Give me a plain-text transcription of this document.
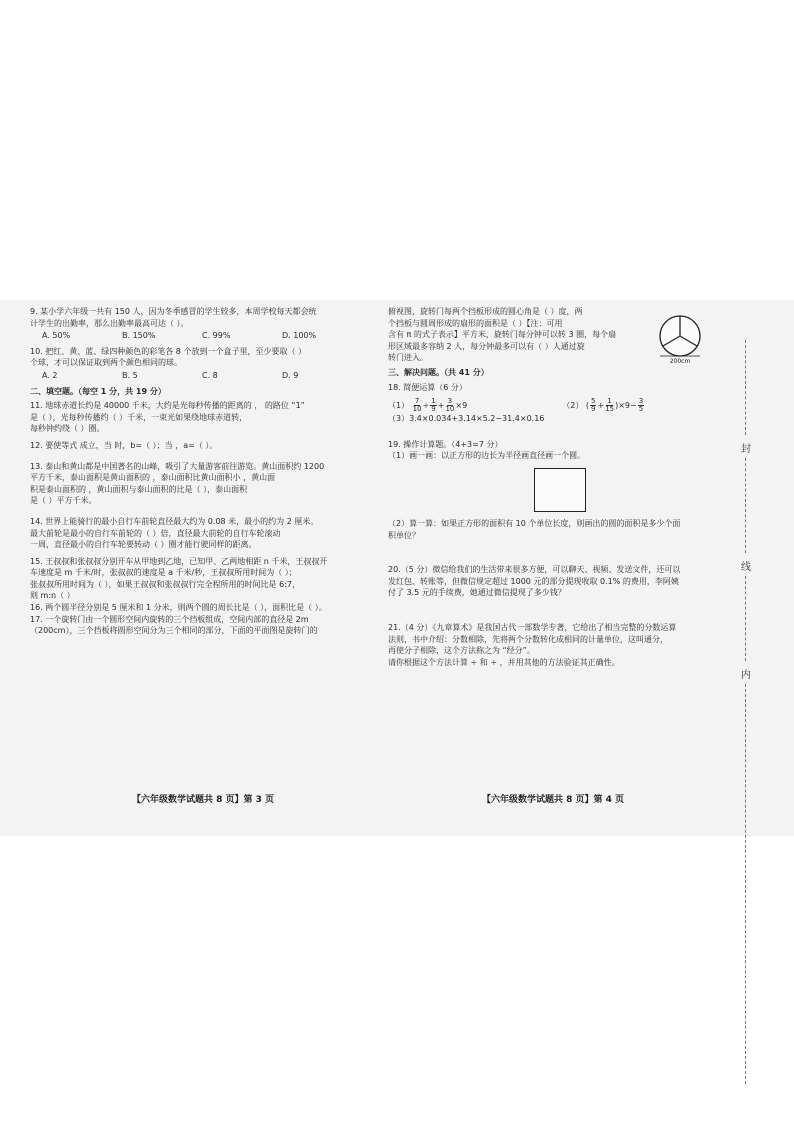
9. 某小学六年级一共有 150 人，因为冬季感冒的学生较多，本周学校每天都会统

计学生的出勤率，那么出勤率最高可达（ ）。

A. 50%	B. 150%	C. 99%	D. 100%

10. 把红、黄、蓝、绿四种颜色的彩笔各 8 个放到一个盒子里，至少要取（ ）

个球，才可以保证取到两个颜色相同的球。

A. 2	B. 5	C. 8	D. 9

二、填空题。（每空 1 分，共 19 分）

11. 地球赤道长约是 40000 千米，大约是光每秒传播的距离的 ， 的路位 “1”

是（ ），光每秒传播约（ ）千米，一束光如果绕地球赤道转，

每秒钟约绕（ ）圈。

12. 要使等式 成立，当 时，b=（ ）；当 ，a=（ ）。

13. 泰山和黄山都是中国著名的山峰，吸引了大量游客前往游览。黄山面积约 1200

平方千米，泰山面积是黄山面积的 ，泰山面积比黄山面积小 ，黄山面

积是泰山面积的 ，黄山面积与泰山面积的比是（ ），泰山面积

是（ ）平方千米。

14. 世界上能骑行的最小自行车前轮直径最大约为 0.08 米，最小的约为 2 厘米。

最大前轮是最小的自行车前轮的（ ）倍，直径最大前轮的自行车轮滚动

一周，直径最小的自行车轮要转动（ ）圈才能行驶同样的距离。

15. 王叔叔和张叔叔分别开车从甲地到乙地，已知甲、乙两地相距 n 千米，王叔叔开

车速度是 m 千米/时，张叔叔的速度是 a 千米/秒，王叔叔所用时间为（ ）；

张叔叔所用时间为（ ），如果王叔叔和张叔叔行完全程所用的时间比是 6:7，

则 m:n（ ）

16. 两个圆半径分别是 5 厘米和 1 分米，则两个圆的周长比是（ ），面积比是（ ）。

17. 一个旋转门由一个圆形空间内旋转的三个挡板组成，空间内部的直径是 2m

（200cm），三个挡板将圆形空间分为三个相同的部分，下面的平面图是旋转门的

俯视图，旋转门每两个挡板形成的圆心角是（ ）度，两

个挡板与圆周形成的扇形的面积是（ ）【注：可用

含有 π 的式子表示】平方米，旋转门每分钟可以转 3 圈，每个扇

形区域最多容纳 2 人，每分钟最多可以有（ ）人通过旋

转门进入。

三、解决问题。（共 41 分）

18. 简便运算（6 分）

$(1) \frac{7}{10} \div \frac{1}{9} + \frac{3}{10} \times 9$	（2） ( $\frac{5}{9} + \frac{1}{15} )\times 9- \frac{3}{5}$

（3）3.4×0.034+3.14×5.2−31.4×0.16

19. 操作计算题。（4+3=7 分）

（1）画一画：以正方形的边长为半径画直径画一个圆。

（2）算一算：如果正方形的面积有 10 个单位长度，则画出的圆的面积是多少个面

积单位？

20.（5 分）微信给我们的生活带来很多方便，可以聊天、视频、发送文件，还可以

发红包、转账等，但微信规定超过 1000 元的部分提现收取 0.1% 的费用，李阿姨

付了 3.5 元的手续费，她通过微信提现了多少钱？

21.（4 分）《九章算术》是我国古代一部数学专著，它给出了相当完整的分数运算

法则，书中介绍：分数相除，先将两个分数转化成相同的计量单位，这叫通分，

再使分子相除，这个方法称之为 “经分”。

请你根据这个方法计算 ÷ 和 ÷ ，并用其他的方法验证其正确性。

200cm
【六年级数学试题共 8 页】第 3 页	【六年级数学试题共 8 页】第 4 页
封
线
内
